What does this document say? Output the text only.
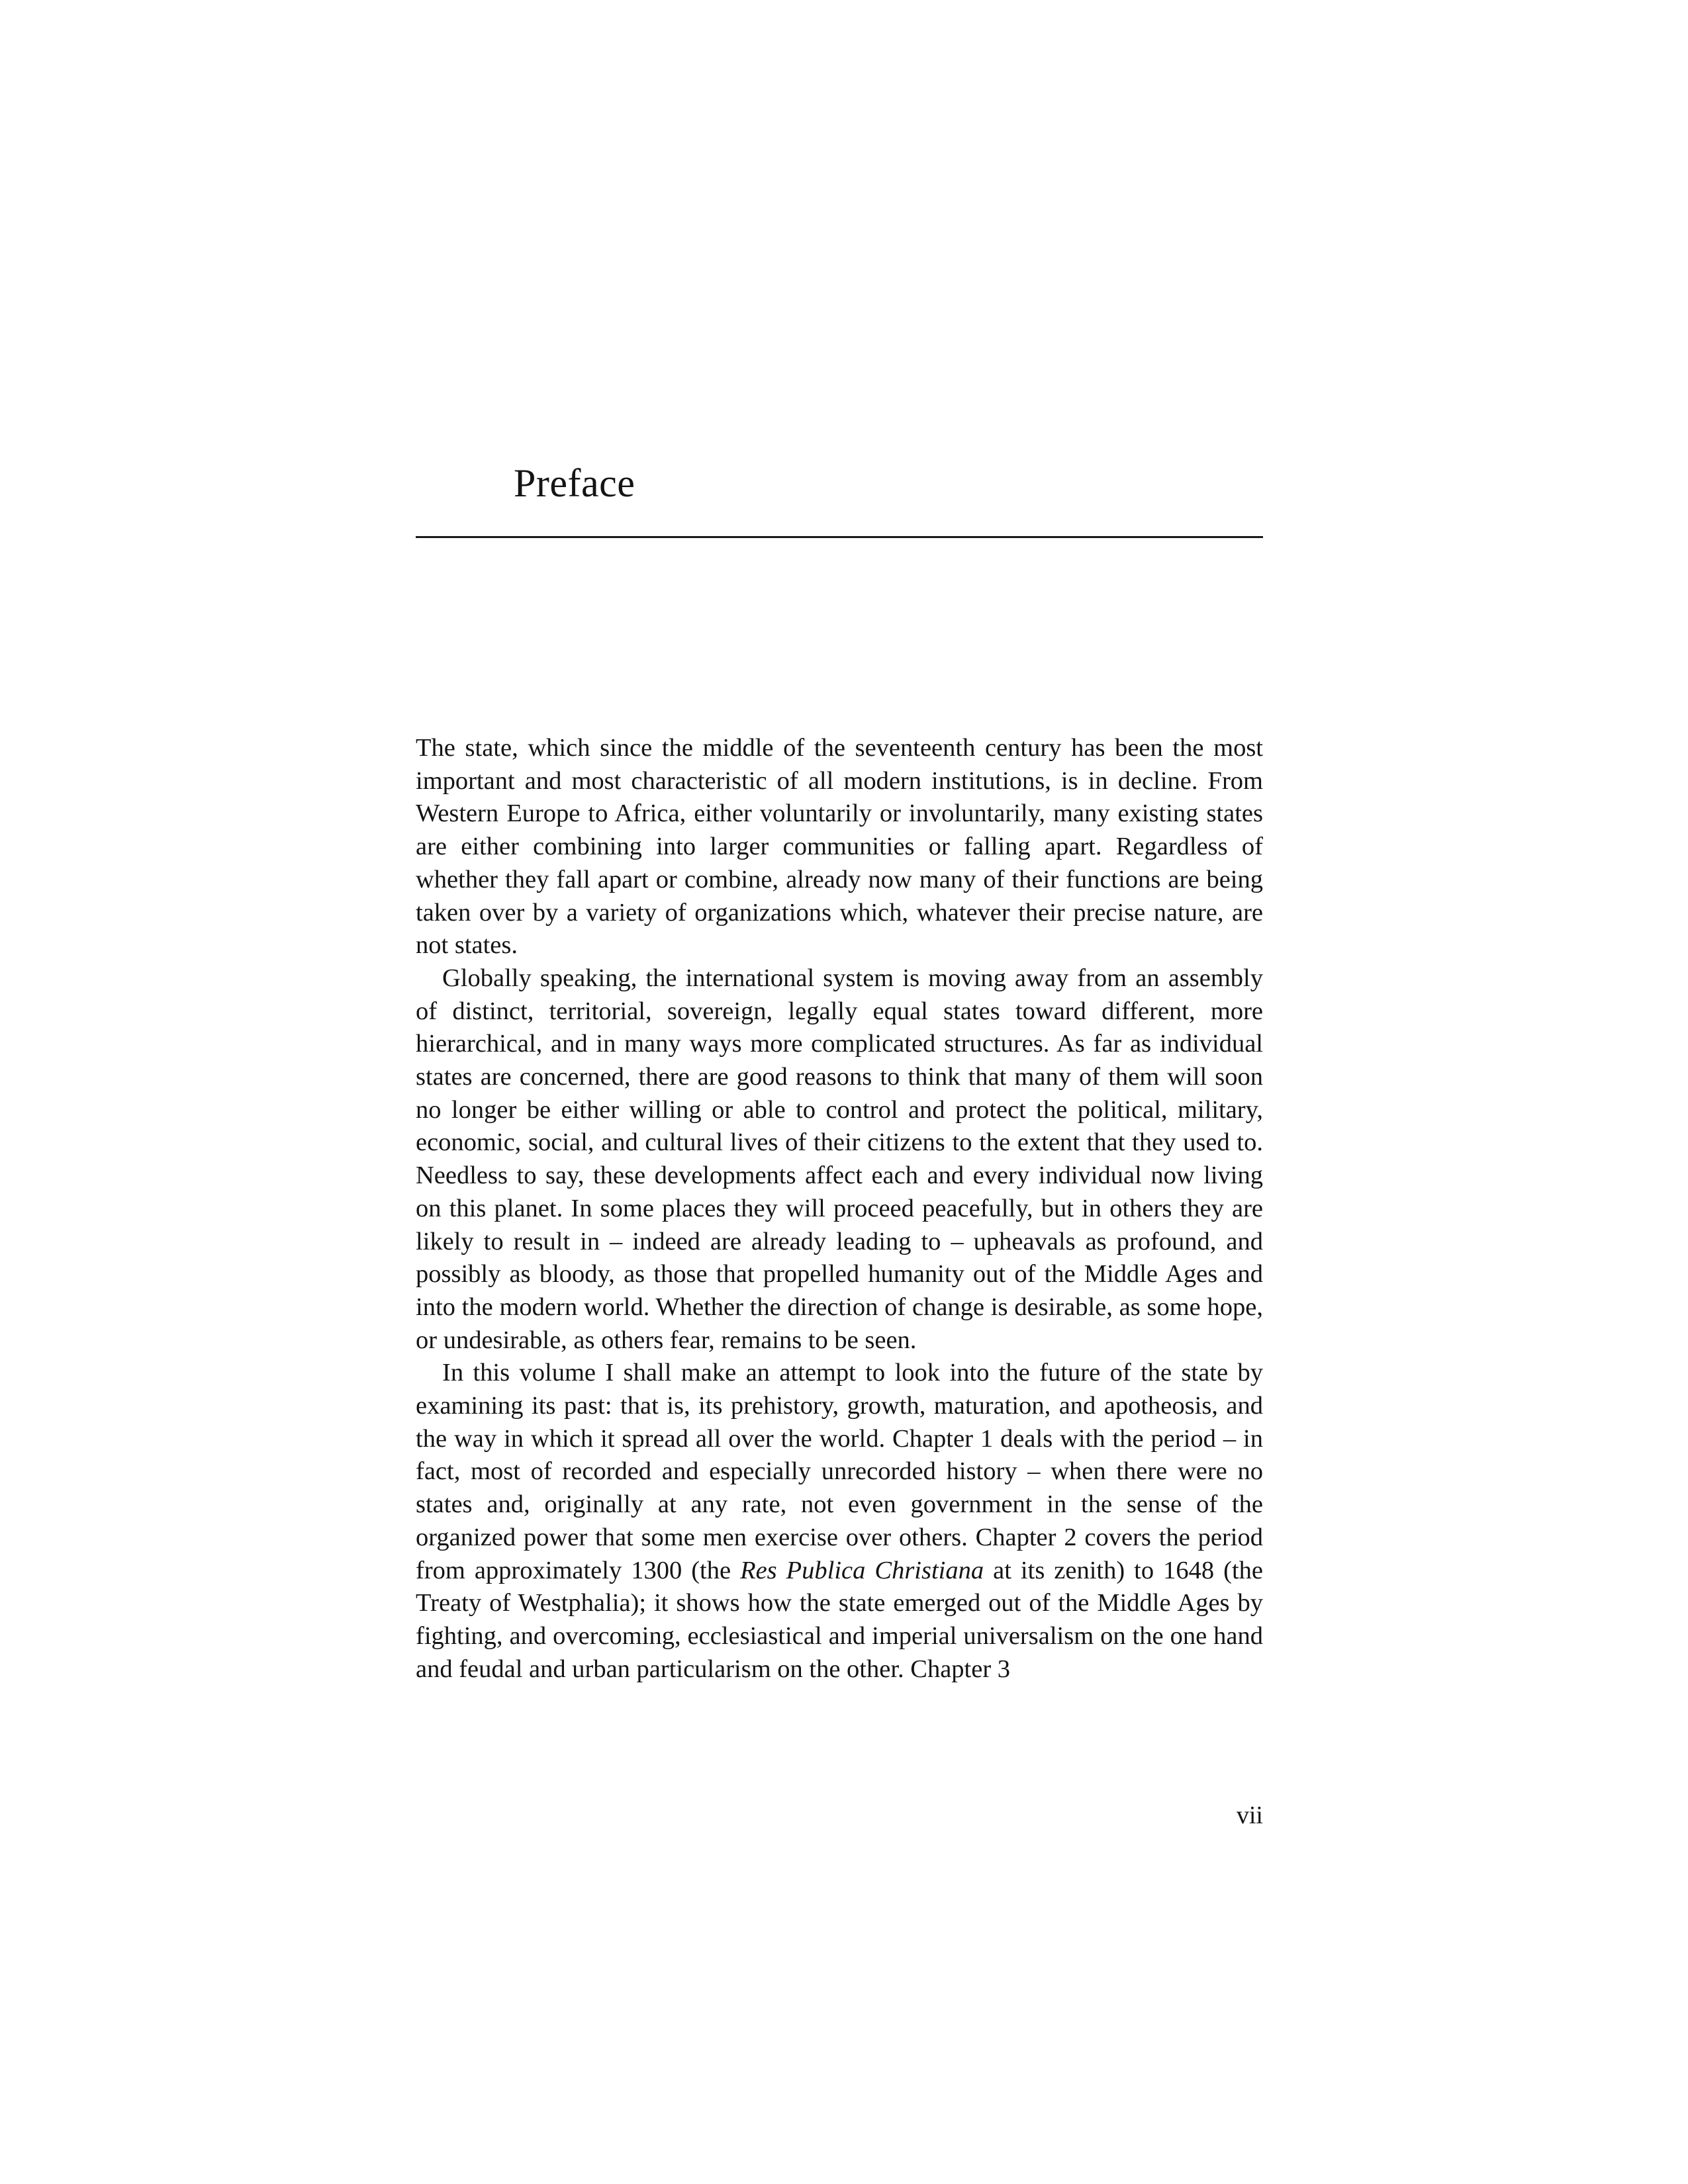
Preface

The state, which since the middle of the seventeenth century has been the most important and most characteristic of all modern institutions, is in decline. From Western Europe to Africa, either voluntarily or involuntarily, many existing states are either combining into larger communities or falling apart. Regardless of whether they fall apart or combine, already now many of their functions are being taken over by a variety of organizations which, whatever their precise nature, are not states.

Globally speaking, the international system is moving away from an assembly of distinct, territorial, sovereign, legally equal states toward different, more hierarchical, and in many ways more complicated structures. As far as individual states are concerned, there are good reasons to think that many of them will soon no longer be either willing or able to control and protect the political, military, economic, social, and cultural lives of their citizens to the extent that they used to. Needless to say, these developments affect each and every individual now living on this planet. In some places they will proceed peacefully, but in others they are likely to result in – indeed are already leading to – upheavals as profound, and possibly as bloody, as those that propelled humanity out of the Middle Ages and into the modern world. Whether the direction of change is desirable, as some hope, or undesirable, as others fear, remains to be seen.

In this volume I shall make an attempt to look into the future of the state by examining its past: that is, its prehistory, growth, maturation, and apotheosis, and the way in which it spread all over the world. Chapter 1 deals with the period – in fact, most of recorded and especially unrecorded history – when there were no states and, originally at any rate, not even government in the sense of the organized power that some men exercise over others. Chapter 2 covers the period from approximately 1300 (the Res Publica Christiana at its zenith) to 1648 (the Treaty of Westphalia); it shows how the state emerged out of the Middle Ages by fighting, and overcoming, ecclesiastical and imperial universalism on the one hand and feudal and urban particularism on the other. Chapter 3

vii
